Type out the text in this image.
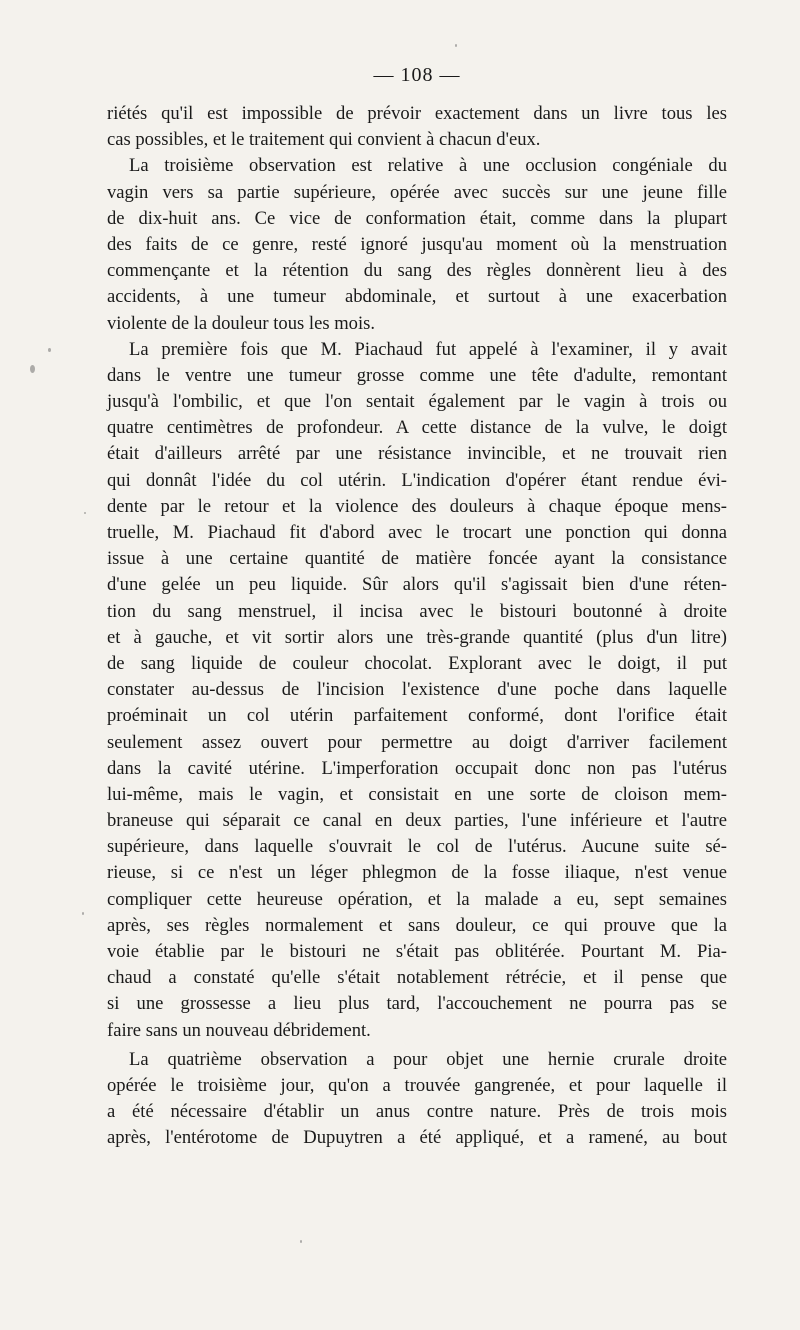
— 108 —
riétés qu'il est impossible de prévoir exactement dans un livre tous les
cas possibles, et le traitement qui convient à chacun d'eux.
La troisième observation est relative à une occlusion congéniale du
vagin vers sa partie supérieure, opérée avec succès sur une jeune fille
de dix-huit ans. Ce vice de conformation était, comme dans la plupart
des faits de ce genre, resté ignoré jusqu'au moment où la menstruation
commençante et la rétention du sang des règles donnèrent lieu à des
accidents, à une tumeur abdominale, et surtout à une exacerbation
violente de la douleur tous les mois.
La première fois que M. Piachaud fut appelé à l'examiner, il y avait
dans le ventre une tumeur grosse comme une tête d'adulte, remontant
jusqu'à l'ombilic, et que l'on sentait également par le vagin à trois ou
quatre centimètres de profondeur. A cette distance de la vulve, le doigt
était d'ailleurs arrêté par une résistance invincible, et ne trouvait rien
qui donnât l'idée du col utérin. L'indication d'opérer étant rendue évi-
dente par le retour et la violence des douleurs à chaque époque mens-
truelle, M. Piachaud fit d'abord avec le trocart une ponction qui donna
issue à une certaine quantité de matière foncée ayant la consistance
d'une gelée un peu liquide. Sûr alors qu'il s'agissait bien d'une réten-
tion du sang menstruel, il incisa avec le bistouri boutonné à droite
et à gauche, et vit sortir alors une très-grande quantité (plus d'un litre)
de sang liquide de couleur chocolat. Explorant avec le doigt, il put
constater au-dessus de l'incision l'existence d'une poche dans laquelle
proéminait un col utérin parfaitement conformé, dont l'orifice était
seulement assez ouvert pour permettre au doigt d'arriver facilement
dans la cavité utérine. L'imperforation occupait donc non pas l'utérus
lui-même, mais le vagin, et consistait en une sorte de cloison mem-
braneuse qui séparait ce canal en deux parties, l'une inférieure et l'autre
supérieure, dans laquelle s'ouvrait le col de l'utérus. Aucune suite sé-
rieuse, si ce n'est un léger phlegmon de la fosse iliaque, n'est venue
compliquer cette heureuse opération, et la malade a eu, sept semaines
après, ses règles normalement et sans douleur, ce qui prouve que la
voie établie par le bistouri ne s'était pas oblitérée. Pourtant M. Pia-
chaud a constaté qu'elle s'était notablement rétrécie, et il pense que
si une grossesse a lieu plus tard, l'accouchement ne pourra pas se
faire sans un nouveau débridement.
La quatrième observation a pour objet une hernie crurale droite
opérée le troisième jour, qu'on a trouvée gangrenée, et pour laquelle il
a été nécessaire d'établir un anus contre nature. Près de trois mois
après, l'entérotome de Dupuytren a été appliqué, et a ramené, au bout
